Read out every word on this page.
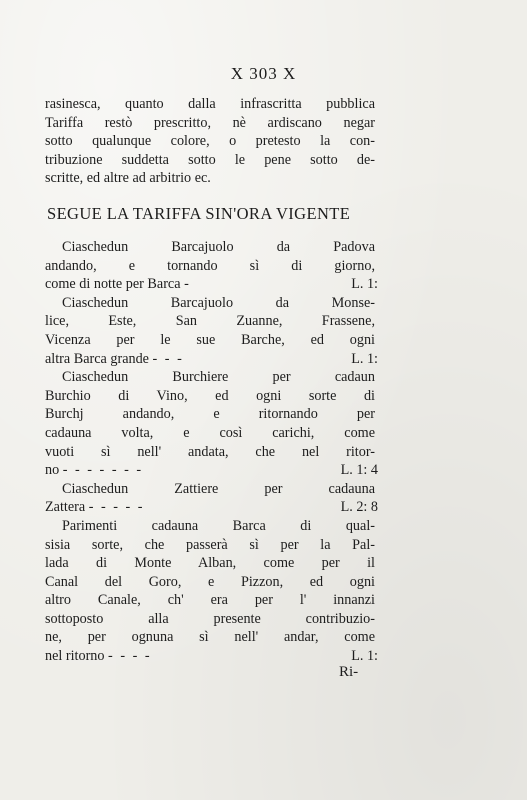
X 303 X
rasinesca, quanto dalla infrascritta pubblica
Tariffa restò prescritto, nè ardiscano negar
sotto qualunque colore, o pretesto la con-
tribuzione suddetta sotto le pene sotto de-
scritte, ed altre ad arbitrio ec.
SEGUE LA TARIFFA SIN'ORA VIGENTE
Ciaschedun Barcajuolo da Padova
andando, e tornando sì di giorno,
come di notte per Barca -	L. 1:
Ciaschedun Barcajuolo da Monse-
lice, Este, San Zuanne, Frassene,
Vicenza per le sue Barche, ed ogni
altra Barca grande - - -	L. 1:
Ciaschedun Burchiere per cadaun
Burchio di Vino, ed ogni sorte di
Burchj andando, e ritornando per
cadauna volta, e così carichi, come
vuoti sì nell' andata, che nel ritor-
no - - - - - - -	L. 1: 4
Ciaschedun Zattiere per cadauna
Zattera - - - - -	L. 2: 8
Parimenti cadauna Barca di qual-
sisia sorte, che passerà sì per la Pal-
lada di Monte Alban, come per il
Canal del Goro, e Pizzon, ed ogni
altro Canale, ch' era per l' innanzi
sottoposto alla presente contribuzio-
ne, per ognuna sì nell' andar, come
nel ritorno - - - -	L. 1:
Ri-
